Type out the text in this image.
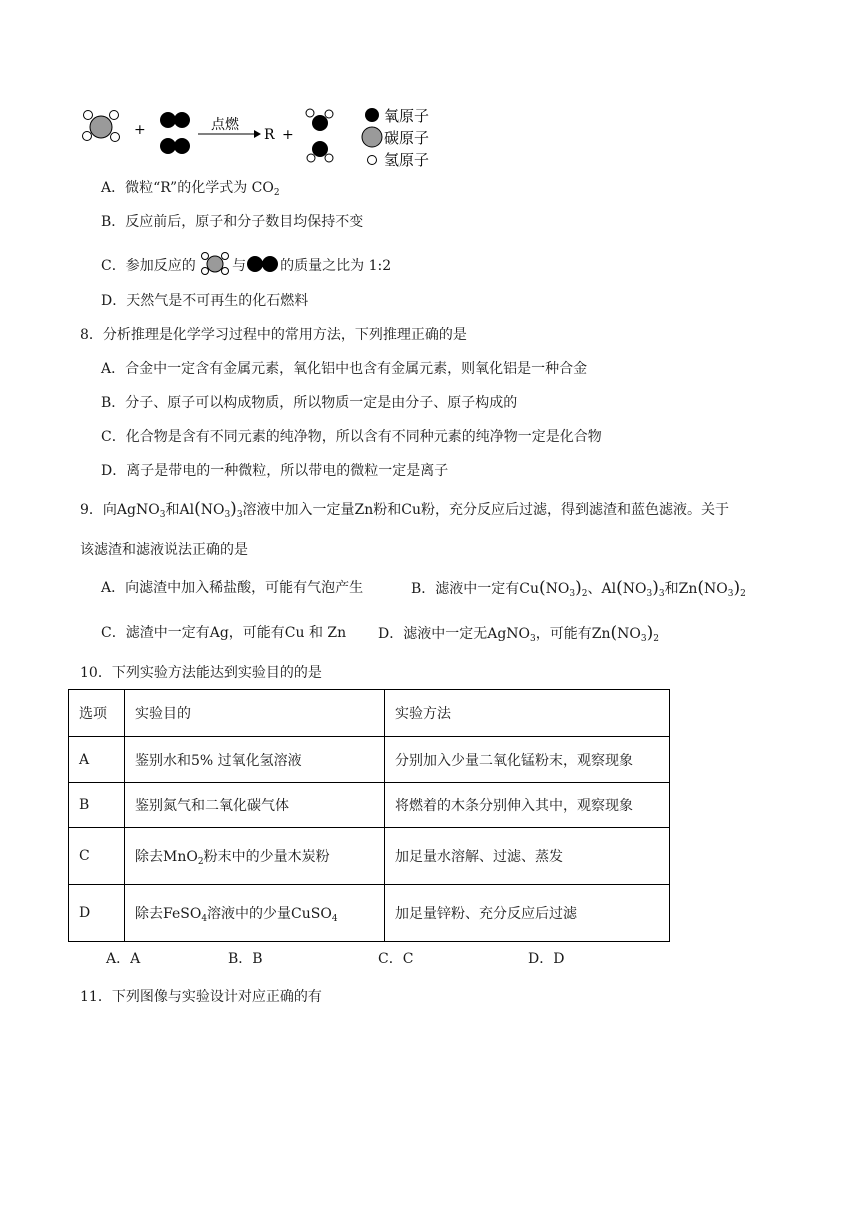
+	点燃
R +
氧原子
碳原子
氢原子
A．微粒“R”的化学式为 $CO_2$
B．反应前后，原子和分子数目均保持不变
C．参加反应的	与 的质量之比为 1:2
D．天然气是不可再生的化石燃料
8．分析推理是化学学习过程中的常用方法，下列推理正确的是
A．合金中一定含有金属元素，氧化铝中也含有金属元素，则氧化铝是一种合金
B．分子、原子可以构成物质，所以物质一定是由分子、原子构成的
C．化合物是含有不同元素的纯净物，所以含有不同种元素的纯净物一定是化合物
D．离子是带电的一种微粒，所以带电的微粒一定是离子
9．向AgNO$_3$和$Al(NO_3)_3$溶液中加入一定量Zn粉和Cu粉，充分反应后过滤，得到滤渣和蓝色滤液。关于
该滤渣和滤液说法正确的是
A．向滤渣中加入稀盐酸，可能有气泡产生	B．滤液中一定有$Cu(NO_3)_2$、$Al(NO_3)_3$和$Zn(NO_3)_2$
C．滤渣中一定有Ag，可能有Cu 和 Zn D．滤液中一定无AgNO$_3$，可能有$Zn(NO_3)_2$
10．下列实验方法能达到实验目的的是
选项	实验目的	实验方法
A	鉴别水和5% 过氧化氢溶液	分别加入少量二氧化锰粉末，观察现象
B	鉴别氮气和二氧化碳气体	将燃着的木条分别伸入其中，观察现象
C	除去MnO$_2$粉末中的少量木炭粉	加足量水溶解、过滤、蒸发
D	除去FeSO$_4$溶液中的少量CuSO$_4$	加足量锌粉、充分反应后过滤
A．A	B．B	C．C	D．D
11．下列图像与实验设计对应正确的有
